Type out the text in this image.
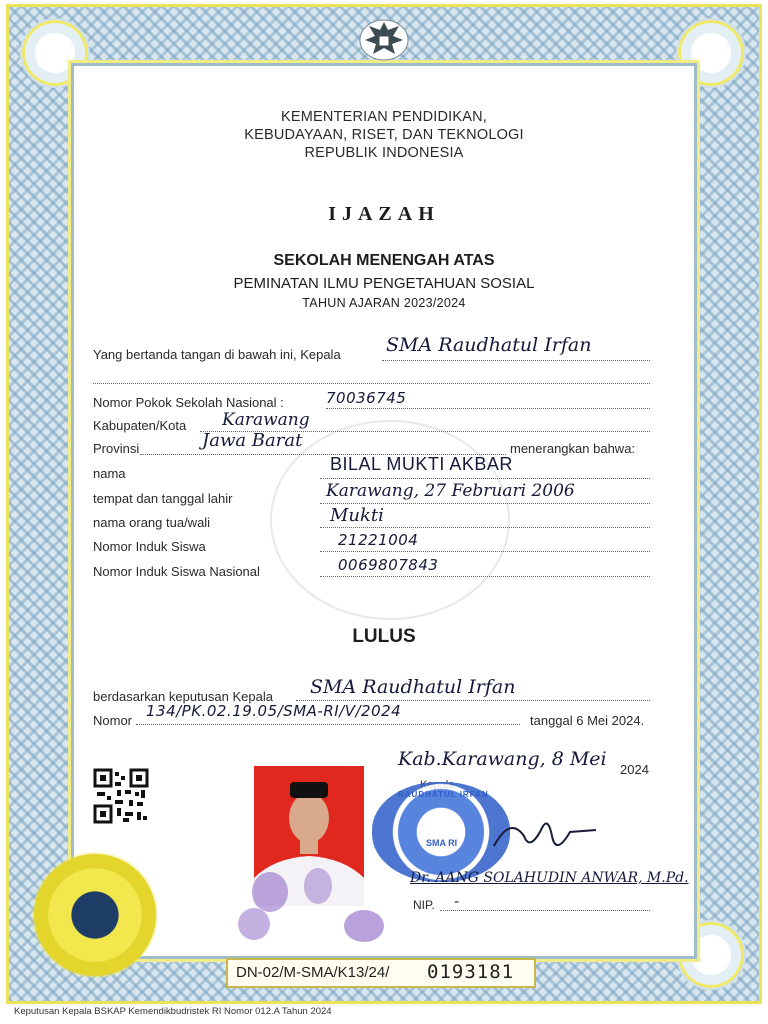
KEMENTERIAN PENDIDIKAN,
KEBUDAYAAN, RISET, DAN TEKNOLOGI
REPUBLIK INDONESIA
IJAZAH
SEKOLAH MENENGAH ATAS
PEMINATAN ILMU PENGETAHUAN SOSIAL
TAHUN AJARAN 2023/2024
Yang bertanda tangan di bawah ini, Kepala SMA Raudhatul Irfan
Nomor Pokok Sekolah Nasional :	70036745
Kabupaten/Kota Karawang
Provinsi	Jawa Barat	menerangkan bahwa:
nama	BILAL MUKTI AKBAR
tempat dan tanggal lahir	Karawang, 27 Februari 2006
nama orang tua/wali	Mukti
Nomor Induk Siswa	21221004
Nomor Induk Siswa Nasional	0069807843
LULUS
berdasarkan keputusan Kepala SMA Raudhatul Irfan
Nomor
134/PK.02.19.05/SMA-RI/V/2024
tanggal 6 Mei 2024.
Kab.Karawang, 8 Mei 2024
RAUDHATUL IRFAN
SMA RI
Dr. AANG SOLAHUDIN ANWAR, M.Pd.
NIP. -
DN-02/M-SMA/K13/24/ 0193181
Keputusan Kepala BSKAP Kemendikbudristek RI Nomor 012.A Tahun 2024
